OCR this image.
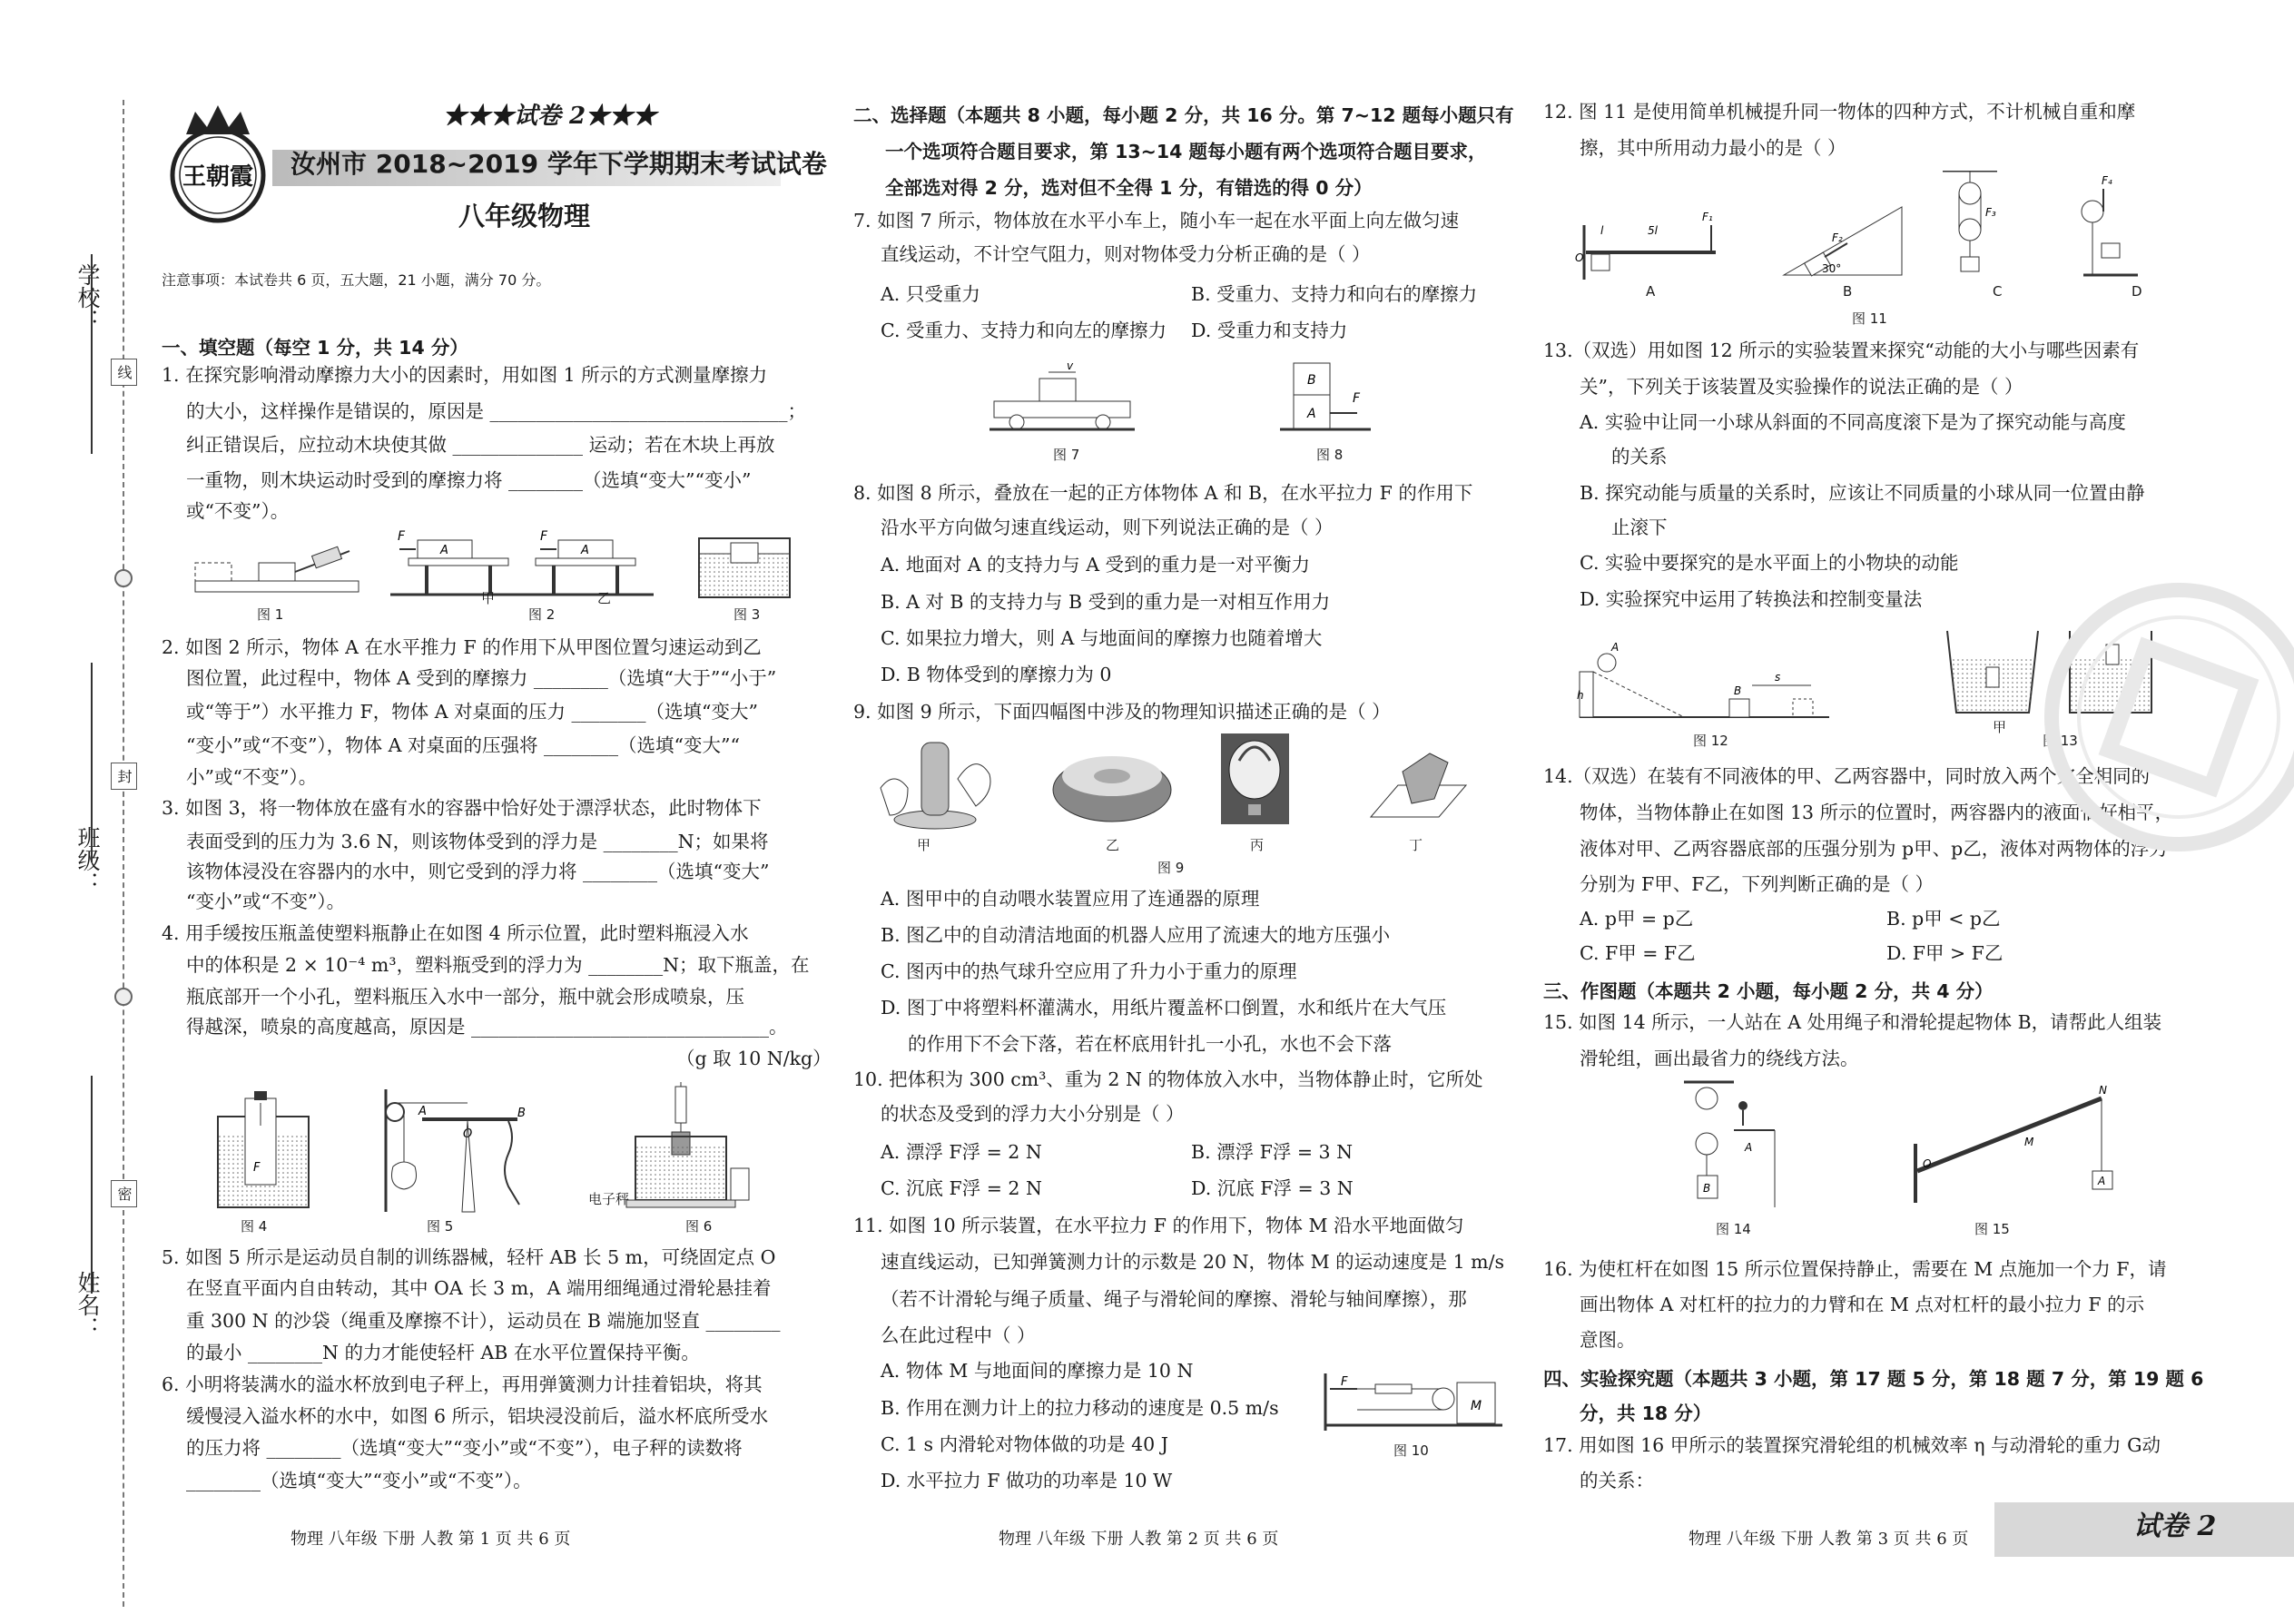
学校：
班级：
姓名：
线
封
密
王朝霞
★★★试卷 2★★★
汝州市 2018~2019 学年下学期期末考试试卷
八年级物理
注意事项：本试卷共 6 页，五大题，21 小题，满分 70 分。
一、填空题（每空 1 分，共 14 分）
1. 在探究影响滑动摩擦力大小的因素时，用如图 1 所示的方式测量摩擦力
的大小，这样操作是错误的，原因是 ________________________________；
纠正错误后，应拉动木块使其做 ______________ 运动；若在木块上再放
一重物，则木块运动时受到的摩擦力将 ________（选填“变大”“变小”
或“不变”）。
2. 如图 2 所示，物体 A 在水平推力 F 的作用下从甲图位置匀速运动到乙
图位置，此过程中，物体 A 受到的摩擦力 ________（选填“大于”“小于”
或“等于”）水平推力 F，物体 A 对桌面的压力 ________（选填“变大”
“变小”或“不变”），物体 A 对桌面的压强将 ________（选填“变大”“
小”或“不变”）。
3. 如图 3，将一物体放在盛有水的容器中恰好处于漂浮状态，此时物体下
表面受到的压力为 3.6 N，则该物体受到的浮力是 ________N；如果将
该物体浸没在容器内的水中，则它受到的浮力将 ________（选填“变大”
“变小”或“不变”）。
4. 用手缓按压瓶盖使塑料瓶静止在如图 4 所示位置，此时塑料瓶浸入水
中的体积是 2 × 10⁻⁴ m³，塑料瓶受到的浮力为 ________N；取下瓶盖，在
瓶底部开一个小孔，塑料瓶压入水中一部分，瓶中就会形成喷泉，压
得越深，喷泉的高度越高，原因是 ________________________________。
（g 取 10 N/kg）
5. 如图 5 所示是运动员自制的训练器械，轻杆 AB 长 5 m，可绕固定点 O
在竖直平面内自由转动，其中 OA 长 3 m，A 端用细绳通过滑轮悬挂着
重 300 N 的沙袋（绳重及摩擦不计），运动员在 B 端施加竖直 ________
的最小 ________N 的力才能使轻杆 AB 在水平位置保持平衡。
6. 小明将装满水的溢水杯放到电子秤上，再用弹簧测力计挂着铝块，将其
缓慢浸入溢水杯的水中，如图 6 所示，铝块浸没前后，溢水杯底所受水
的压力将 ________（选填“变大”“变小”或“不变”），电子秤的读数将
________（选填“变大”“变小”或“不变”）。
图 1
F
A
F
A
甲	乙
图 2	图 3
F
图 4
A
O
B
图 5
电子秤
图 6
物理 八年级 下册 人教 第 1 页 共 6 页
二、选择题（本题共 8 小题，每小题 2 分，共 16 分。第 7~12 题每小题只有
一个选项符合题目要求，第 13~14 题每小题有两个选项符合题目要求，
全部选对得 2 分，选对但不全得 1 分，有错选的得 0 分）
7. 如图 7 所示，物体放在水平小车上，随小车一起在水平面上向左做匀速
直线运动，不计空气阻力，则对物体受力分析正确的是（ ）
A. 只受重力	B. 受重力、支持力和向右的摩擦力
C. 受重力、支持力和向左的摩擦力 D. 受重力和支持力
v
图 7
B
A
F
图 8
8. 如图 8 所示，叠放在一起的正方体物体 A 和 B，在水平拉力 F 的作用下
沿水平方向做匀速直线运动，则下列说法正确的是（ ）
A. 地面对 A 的支持力与 A 受到的重力是一对平衡力
B. A 对 B 的支持力与 B 受到的重力是一对相互作用力
C. 如果拉力增大，则 A 与地面间的摩擦力也随着增大
D. B 物体受到的摩擦力为 0
9. 如图 9 所示，下面四幅图中涉及的物理知识描述正确的是（ ）
甲	乙	丙	丁
图 9
A. 图甲中的自动喂水装置应用了连通器的原理
B. 图乙中的自动清洁地面的机器人应用了流速大的地方压强小
C. 图丙中的热气球升空应用了升力小于重力的原理
D. 图丁中将塑料杯灌满水，用纸片覆盖杯口倒置，水和纸片在大气压
的作用下不会下落，若在杯底用针扎一小孔，水也不会下落
10. 把体积为 300 cm³、重为 2 N 的物体放入水中，当物体静止时，它所处
的状态及受到的浮力大小分别是（ ）
A. 漂浮 F浮 = 2 N	B. 漂浮 F浮 = 3 N
C. 沉底 F浮 = 2 N	D. 沉底 F浮 = 3 N
11. 如图 10 所示装置，在水平拉力 F 的作用下，物体 M 沿水平地面做匀
速直线运动，已知弹簧测力计的示数是 20 N，物体 M 的运动速度是 1 m/s
（若不计滑轮与绳子质量、绳子与滑轮间的摩擦、滑轮与轴间摩擦），那
么在此过程中（ ）
A. 物体 M 与地面间的摩擦力是 10 N
B. 作用在测力计上的拉力移动的速度是 0.5 m/s
C. 1 s 内滑轮对物体做的功是 40 J
D. 水平拉力 F 做功的功率是 10 W
F
M
图 10
物理 八年级 下册 人教 第 2 页 共 6 页
12. 图 11 是使用简单机械提升同一物体的四种方式，不计机械自重和摩
擦，其中所用动力最小的是（ ）
O
l	5l
F₁
F₂
30°
F₃
F₄
A	B	C	D
图 11
13.（双选）用如图 12 所示的实验装置来探究“动能的大小与哪些因素有
关”，下列关于该装置及实验操作的说法正确的是（ ）
A. 实验中让同一小球从斜面的不同高度滚下是为了探究动能与高度
的关系
B. 探究动能与质量的关系时，应该让不同质量的小球从同一位置由静
止滚下
C. 实验中要探究的是水平面上的小物块的动能
D. 实验探究中运用了转换法和控制变量法
A
h	B
s
图 12
甲	乙
图 13
14.（双选）在装有不同液体的甲、乙两容器中，同时放入两个完全相同的
物体，当物体静止在如图 13 所示的位置时，两容器内的液面恰好相平，
液体对甲、乙两容器底部的压强分别为 p甲、p乙，液体对两物体的浮力
分别为 F甲、F乙，下列判断正确的是（ ）
A. p甲 = p乙	B. p甲 < p乙
C. F甲 = F乙	D. F甲 > F乙
三、作图题（本题共 2 小题，每小题 2 分，共 4 分）
15. 如图 14 所示，一人站在 A 处用绳子和滑轮提起物体 B，请帮此人组装
滑轮组，画出最省力的绕线方法。
B
A
图 14
O
M
N
A
图 15
16. 为使杠杆在如图 15 所示位置保持静止，需要在 M 点施加一个力 F，请
画出物体 A 对杠杆的拉力的力臂和在 M 点对杠杆的最小拉力 F 的示
意图。
四、实验探究题（本题共 3 小题，第 17 题 5 分，第 18 题 7 分，第 19 题 6
分，共 18 分）
17. 用如图 16 甲所示的装置探究滑轮组的机械效率 η 与动滑轮的重力 G动
的关系：
物理 八年级 下册 人教 第 3 页 共 6 页	试卷 2
